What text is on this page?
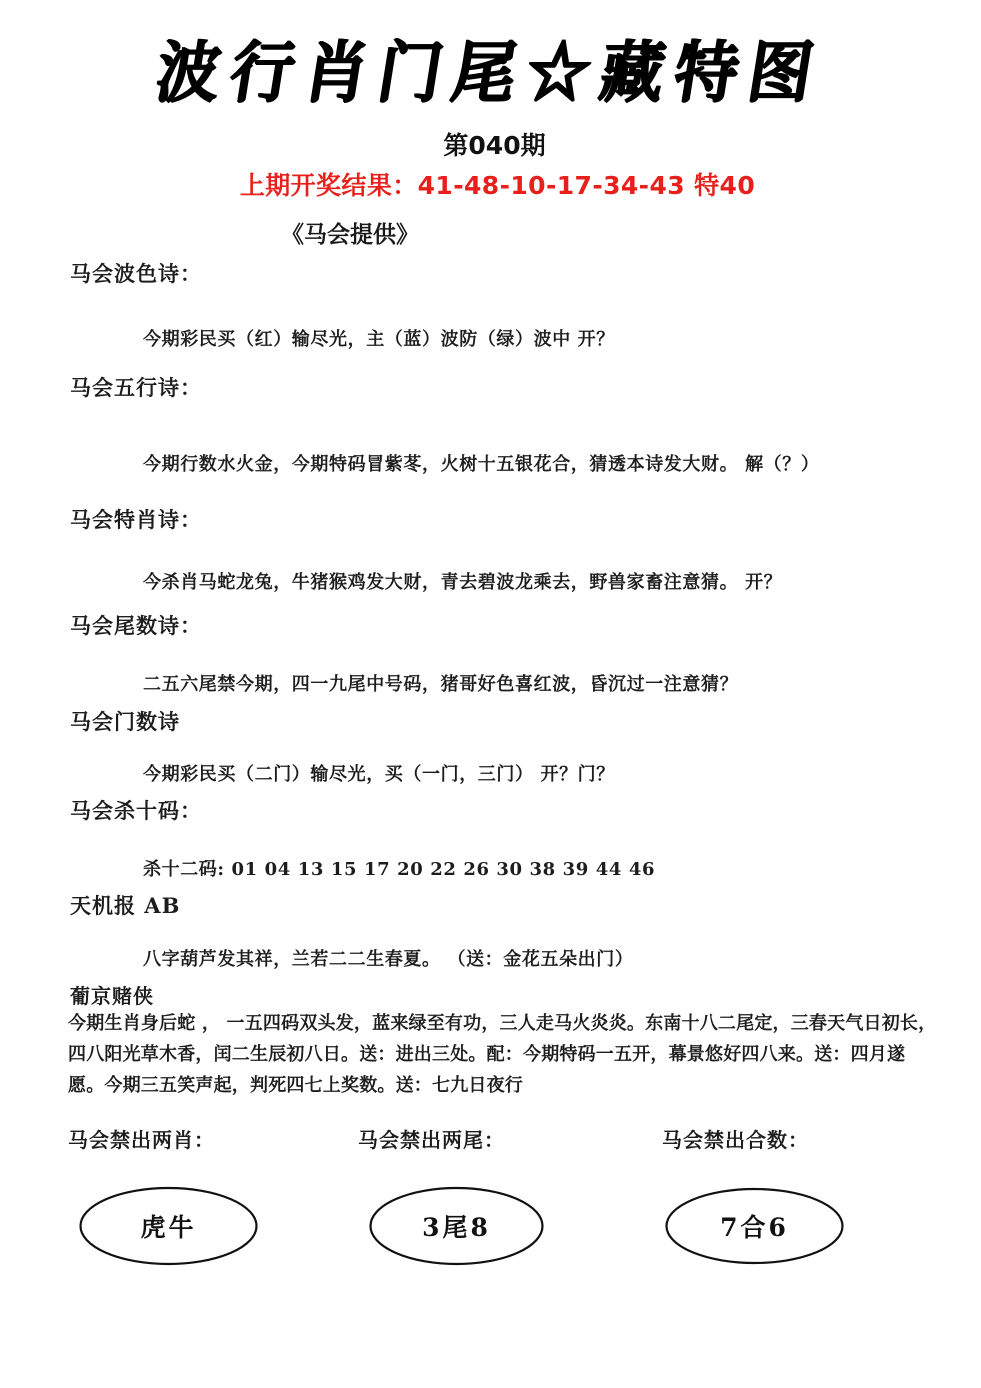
波行肖门尾☆藏特图
第040期
上期开奖结果：41-48-10-17-34-43 特40
《马会提供》
马会波色诗：
今期彩民买（红）输尽光，主（蓝）波防（绿）波中 开？
马会五行诗：
今期行数水火金，今期特码冒紫苳，火树十五银花合，猜透本诗发大财。 解（？）
马会特肖诗：
今杀肖马蛇龙兔，牛猪猴鸡发大财，青去碧波龙乘去，野兽家畜注意猜。 开？
马会尾数诗：
二五六尾禁今期，四一九尾中号码，猪哥好色喜红波，昏沉过一注意猜？
马会门数诗
今期彩民买（二门）输尽光，买（一门，三门） 开？门？
马会杀十码：
杀十二码: 01 04 13 15 17 20 22 26 30 38 39 44 46
天机报 AB
八字葫芦发其祥，兰若二二生春夏。 （送：金花五朵出门）
葡京赌侠
今期生肖身后蛇 ， 一五四码双头发，蓝来绿至有功，三人走马火炎炎。东南十八二尾定，三春天气日初长，四八阳光草木香，闰二生辰初八日。送：进出三处。配：今期特码一五开，幕景悠好四八来。送：四月遂愿。今期三五笑声起，判死四七上奖数。送：七九日夜行
马会禁出两肖：
虎牛
马会禁出两尾：
3尾8
马会禁出合数：
7合6
